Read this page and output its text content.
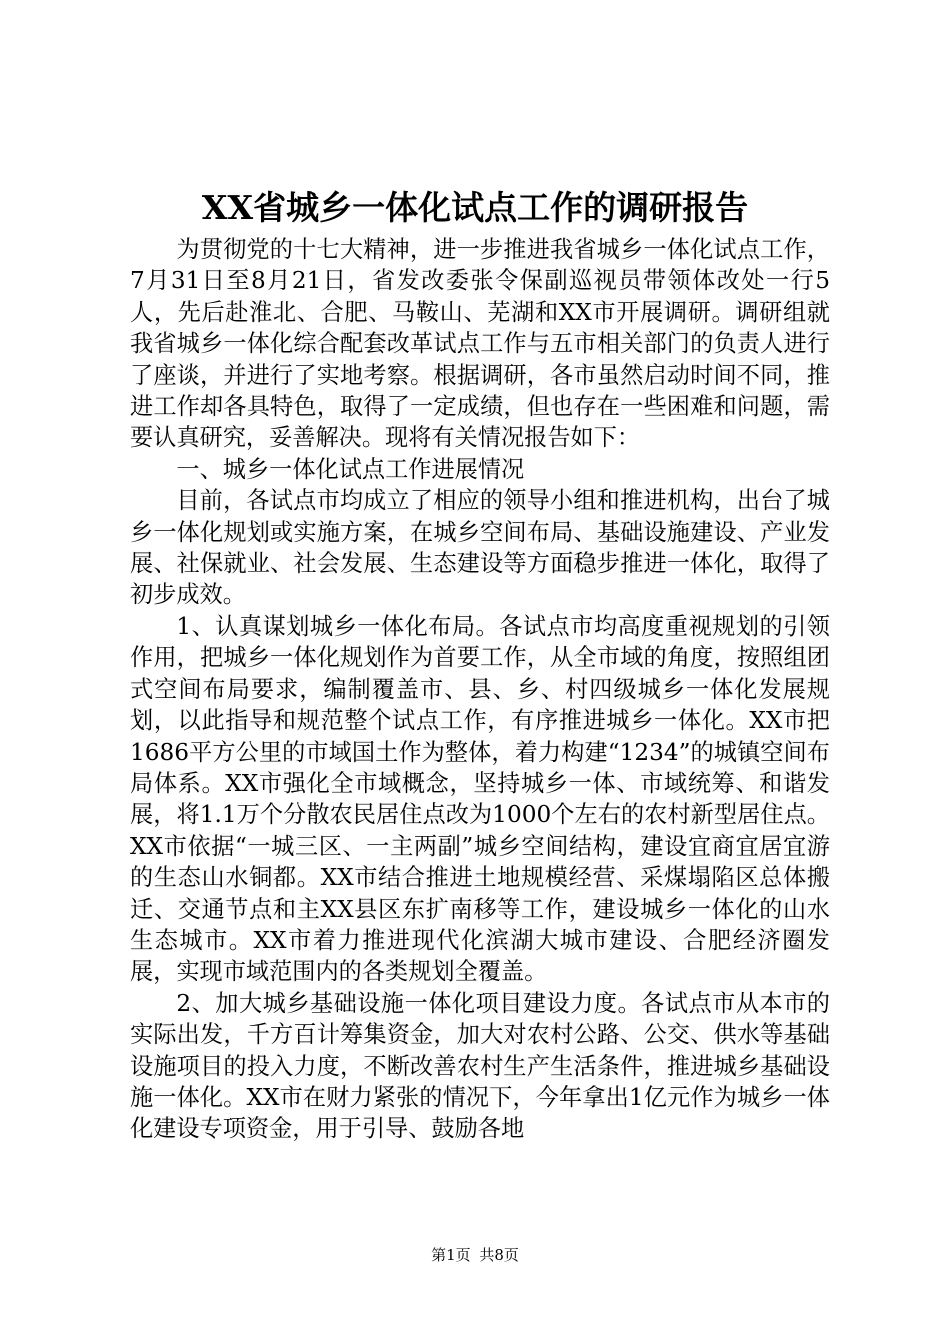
XX省城乡一体化试点工作的调研报告

为贯彻党的十七大精神，进一步推进我省城乡一体化试点工作，7月31日至8月21日，省发改委张令保副巡视员带领体改处一行5人，先后赴淮北、合肥、马鞍山、芜湖和XX市开展调研。调研组就我省城乡一体化综合配套改革试点工作与五市相关部门的负责人进行了座谈，并进行了实地考察。根据调研，各市虽然启动时间不同，推进工作却各具特色，取得了一定成绩，但也存在一些困难和问题，需要认真研究，妥善解决。现将有关情况报告如下：

一、城乡一体化试点工作进展情况

目前，各试点市均成立了相应的领导小组和推进机构，出台了城乡一体化规划或实施方案，在城乡空间布局、基础设施建设、产业发展、社保就业、社会发展、生态建设等方面稳步推进一体化，取得了初步成效。

1、认真谋划城乡一体化布局。各试点市均高度重视规划的引领作用，把城乡一体化规划作为首要工作，从全市域的角度，按照组团式空间布局要求，编制覆盖市、县、乡、村四级城乡一体化发展规划，以此指导和规范整个试点工作，有序推进城乡一体化。XX市把1686平方公里的市域国土作为整体，着力构建“1234”的城镇空间布局体系。XX市强化全市域概念，坚持城乡一体、市域统筹、和谐发展，将1.1万个分散农民居住点改为1000个左右的农村新型居住点。XX市依据“一城三区、一主两副”城乡空间结构，建设宜商宜居宜游的生态山水铜都。XX市结合推进土地规模经营、采煤塌陷区总体搬迁、交通节点和主XX县区东扩南移等工作，建设城乡一体化的山水生态城市。XX市着力推进现代化滨湖大城市建设、合肥经济圈发展，实现市域范围内的各类规划全覆盖。

2、加大城乡基础设施一体化项目建设力度。各试点市从本市的实际出发，千方百计筹集资金，加大对农村公路、公交、供水等基础设施项目的投入力度，不断改善农村生产生活条件，推进城乡基础设施一体化。XX市在财力紧张的情况下，今年拿出1亿元作为城乡一体化建设专项资金，用于引导、鼓励各地

第1页 共8页
